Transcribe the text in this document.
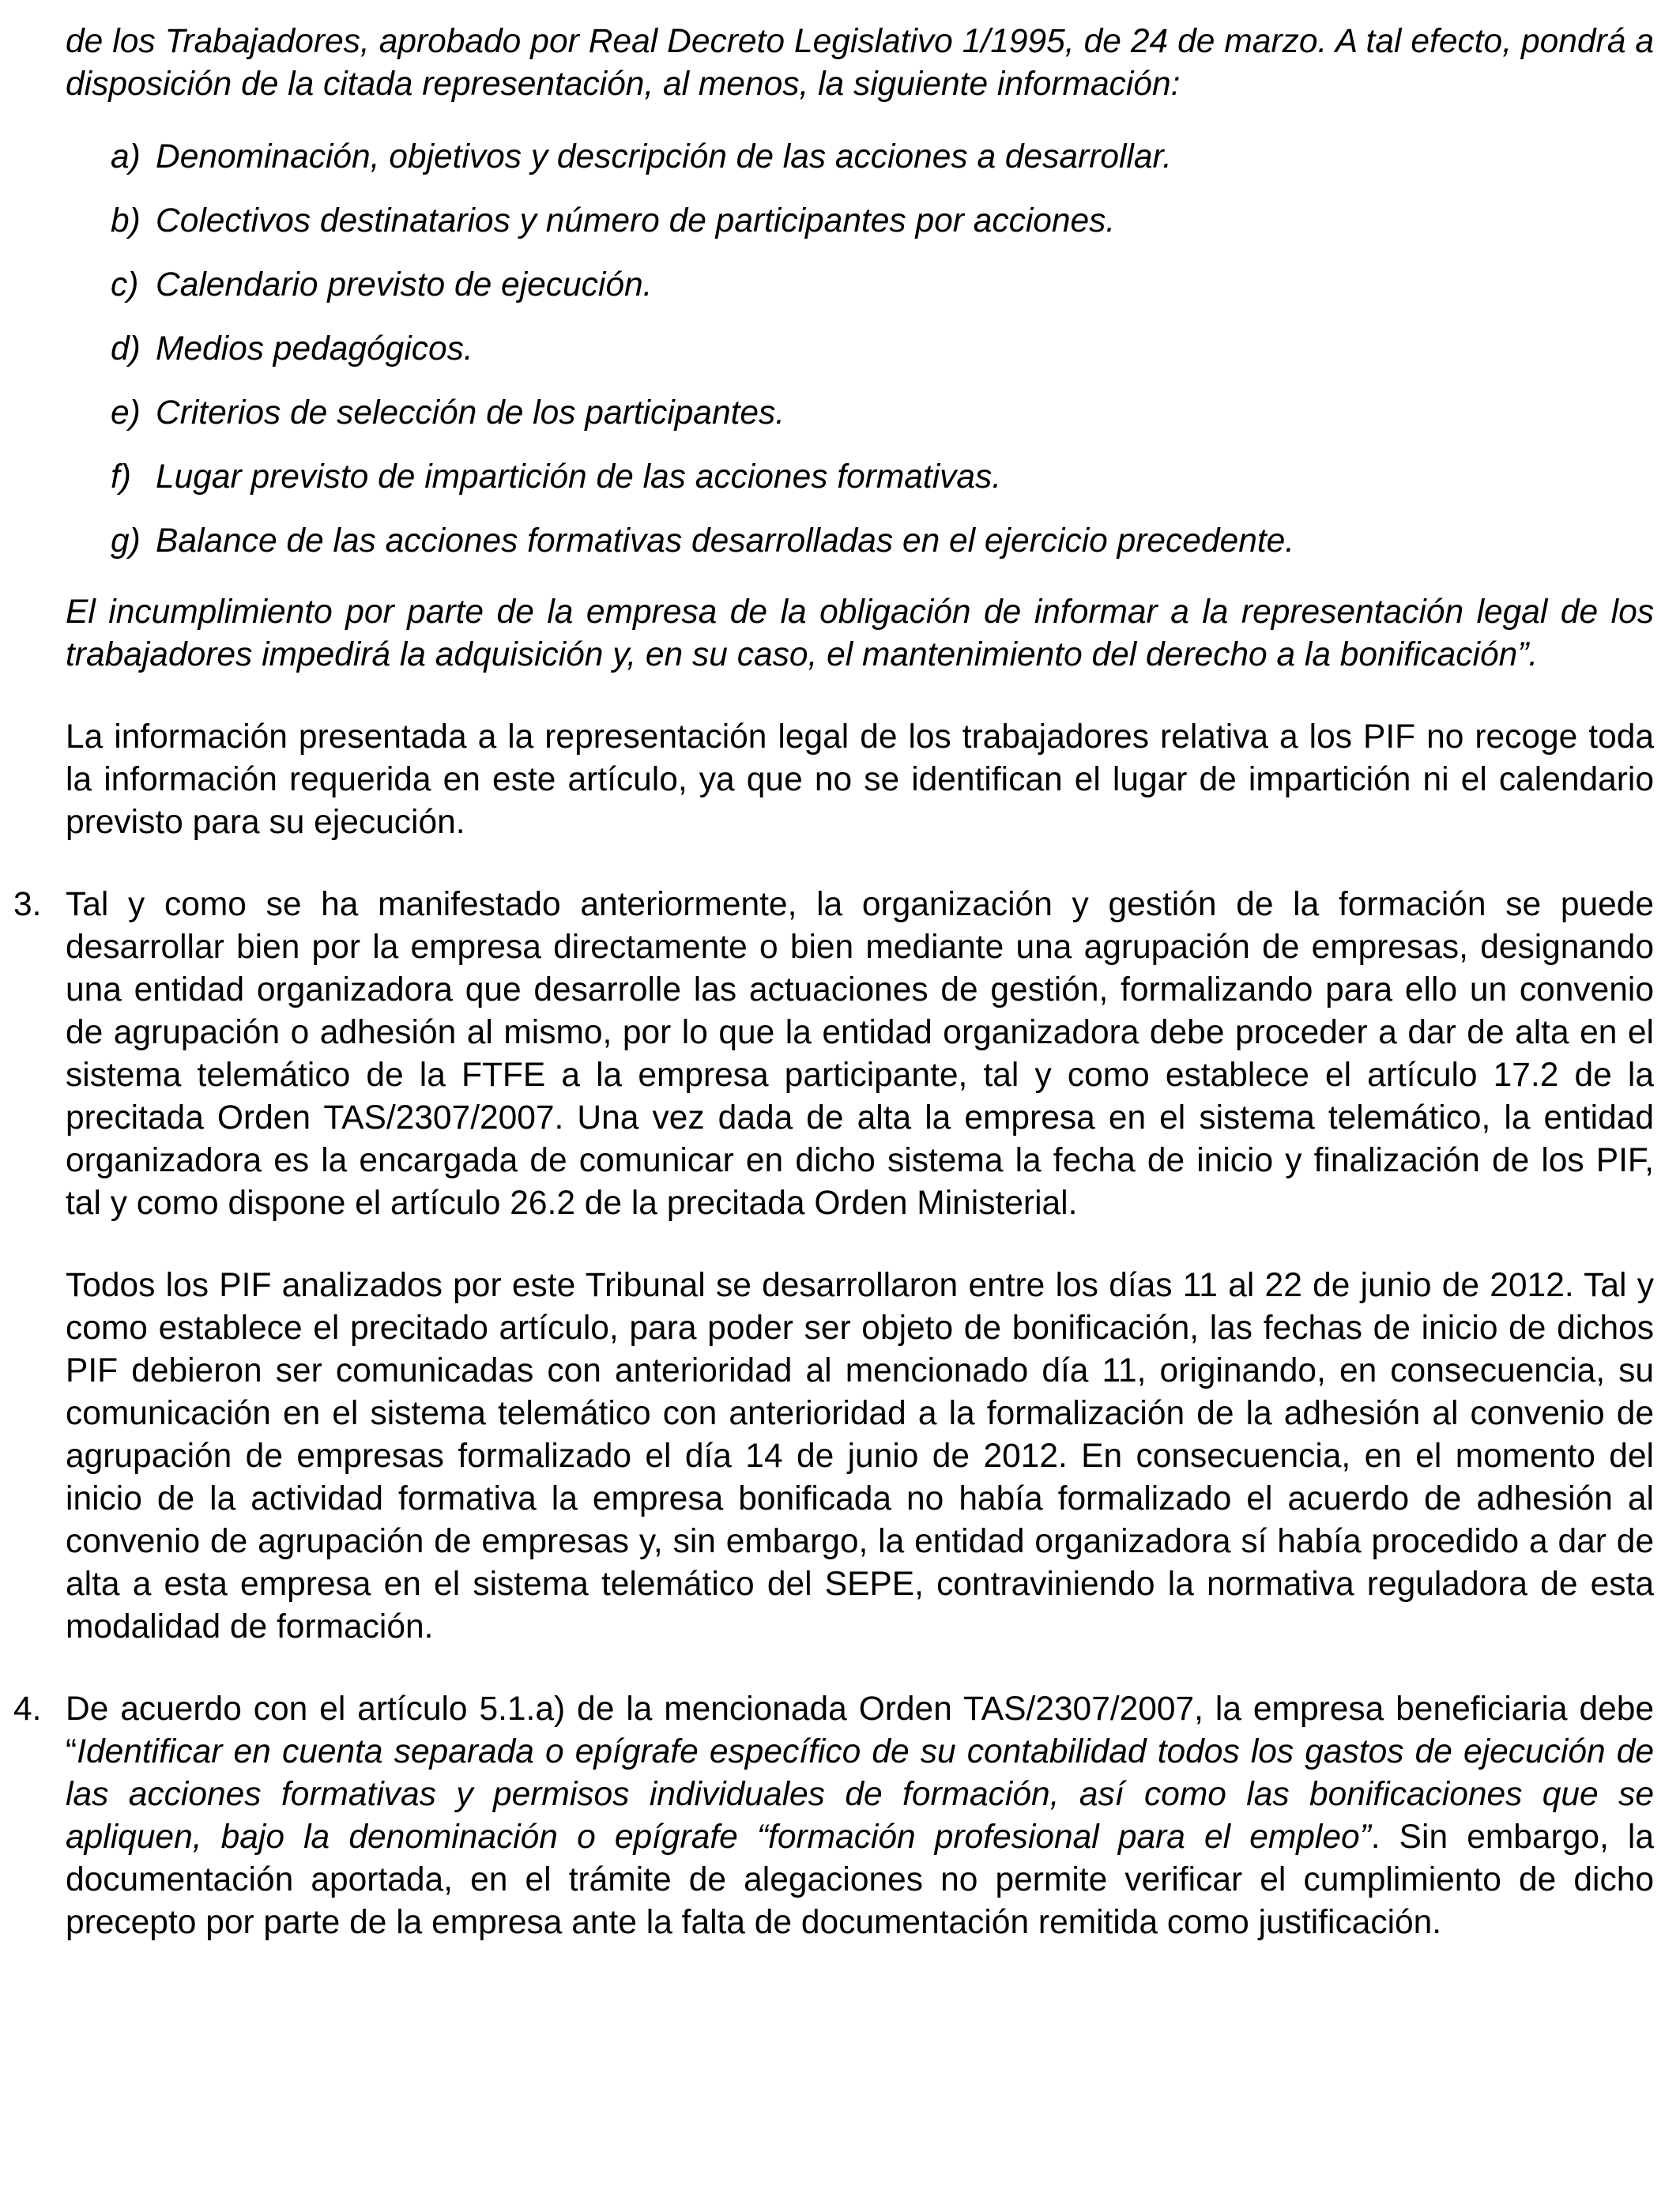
de los Trabajadores, aprobado por Real Decreto Legislativo 1/1995, de 24 de marzo. A tal efecto, pondrá a disposición de la citada representación, al menos, la siguiente información:

a) Denominación, objetivos y descripción de las acciones a desarrollar.
b) Colectivos destinatarios y número de participantes por acciones.
c) Calendario previsto de ejecución.
d) Medios pedagógicos.
e) Criterios de selección de los participantes.
f) Lugar previsto de impartición de las acciones formativas.
g) Balance de las acciones formativas desarrolladas en el ejercicio precedente.

El incumplimiento por parte de la empresa de la obligación de informar a la representación legal de los trabajadores impedirá la adquisición y, en su caso, el mantenimiento del derecho a la bonificación”.

La información presentada a la representación legal de los trabajadores relativa a los PIF no recoge toda la información requerida en este artículo, ya que no se identifican el lugar de impartición ni el calendario previsto para su ejecución.

3. Tal y como se ha manifestado anteriormente, la organización y gestión de la formación se puede desarrollar bien por la empresa directamente o bien mediante una agrupación de empresas, designando una entidad organizadora que desarrolle las actuaciones de gestión, formalizando para ello un convenio de agrupación o adhesión al mismo, por lo que la entidad organizadora debe proceder a dar de alta en el sistema telemático de la FTFE a la empresa participante, tal y como establece el artículo 17.2 de la precitada Orden TAS/2307/2007. Una vez dada de alta la empresa en el sistema telemático, la entidad organizadora es la encargada de comunicar en dicho sistema la fecha de inicio y finalización de los PIF, tal y como dispone el artículo 26.2 de la precitada Orden Ministerial.

Todos los PIF analizados por este Tribunal se desarrollaron entre los días 11 al 22 de junio de 2012. Tal y como establece el precitado artículo, para poder ser objeto de bonificación, las fechas de inicio de dichos PIF debieron ser comunicadas con anterioridad al mencionado día 11, originando, en consecuencia, su comunicación en el sistema telemático con anterioridad a la formalización de la adhesión al convenio de agrupación de empresas formalizado el día 14 de junio de 2012. En consecuencia, en el momento del inicio de la actividad formativa la empresa bonificada no había formalizado el acuerdo de adhesión al convenio de agrupación de empresas y, sin embargo, la entidad organizadora sí había procedido a dar de alta a esta empresa en el sistema telemático del SEPE, contraviniendo la normativa reguladora de esta modalidad de formación.

4. De acuerdo con el artículo 5.1.a) de la mencionada Orden TAS/2307/2007, la empresa beneficiaria debe “Identificar en cuenta separada o epígrafe específico de su contabilidad todos los gastos de ejecución de las acciones formativas y permisos individuales de formación, así como las bonificaciones que se apliquen, bajo la denominación o epígrafe “formación profesional para el empleo”. Sin embargo, la documentación aportada, en el trámite de alegaciones no permite verificar el cumplimiento de dicho precepto por parte de la empresa ante la falta de documentación remitida como justificación.
